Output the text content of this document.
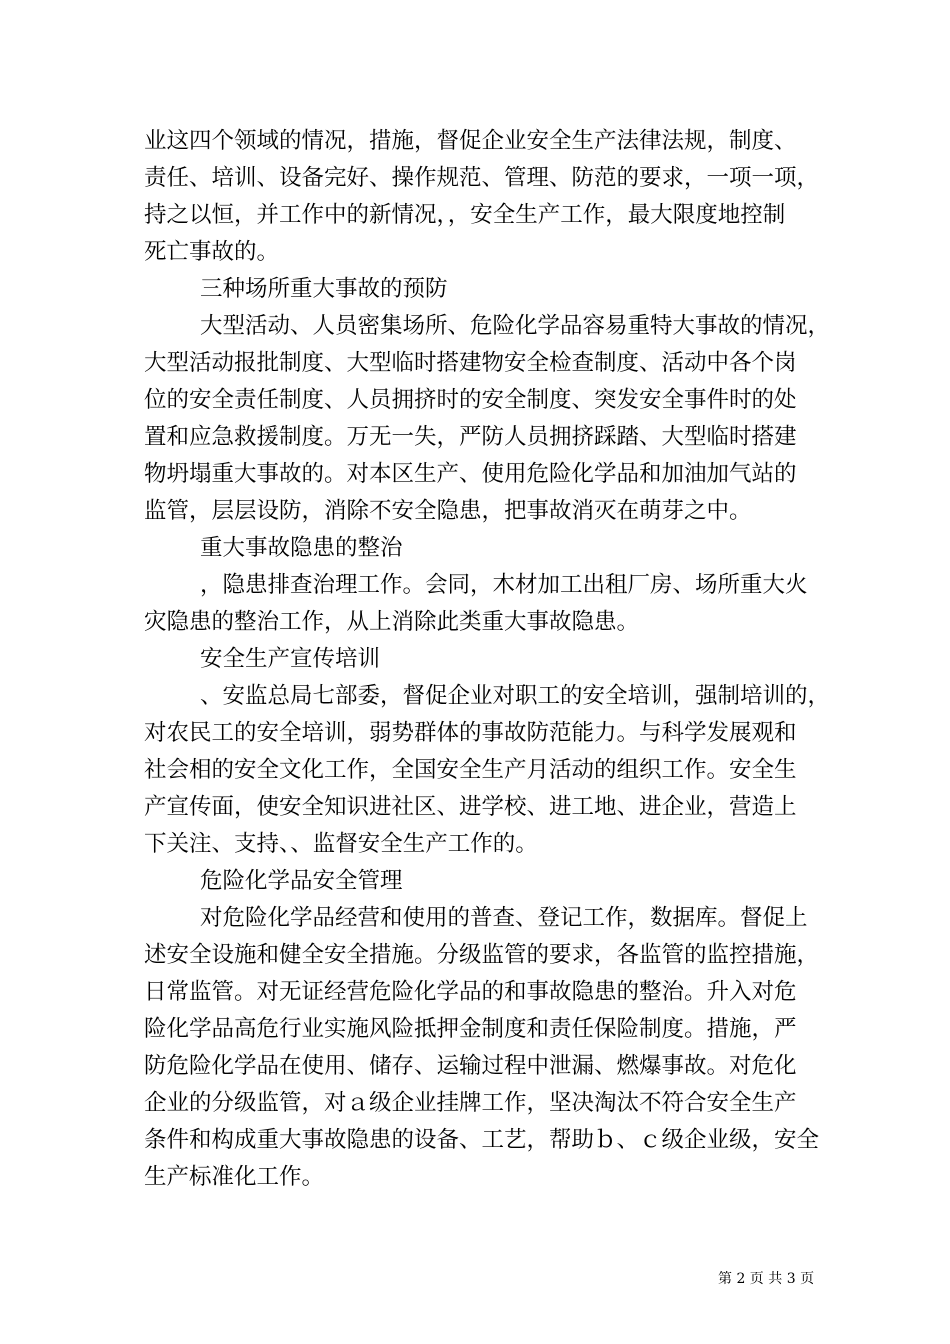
业这四个领域的情况，措施，督促企业安全生产法律法规，制度、

责任、培训、设备完好、操作规范、管理、防范的要求，一项一项，

持之以恒，并工作中的新情况，，安全生产工作，最大限度地控制

死亡事故的。

三种场所重大事故的预防

大型活动、人员密集场所、危险化学品容易重特大事故的情况，

大型活动报批制度、大型临时搭建物安全检查制度、活动中各个岗

位的安全责任制度、人员拥挤时的安全制度、突发安全事件时的处

置和应急救援制度。万无一失，严防人员拥挤踩踏、大型临时搭建

物坍塌重大事故的。对本区生产、使用危险化学品和加油加气站的

监管，层层设防，消除不安全隐患，把事故消灭在萌芽之中。

重大事故隐患的整治

，隐患排查治理工作。会同，木材加工出租厂房、场所重大火

灾隐患的整治工作，从上消除此类重大事故隐患。

安全生产宣传培训

、安监总局七部委，督促企业对职工的安全培训，强制培训的，

对农民工的安全培训，弱势群体的事故防范能力。与科学发展观和

社会相的安全文化工作，全国安全生产月活动的组织工作。安全生

产宣传面，使安全知识进社区、进学校、进工地、进企业，营造上

下关注、支持、、监督安全生产工作的。

危险化学品安全管理

对危险化学品经营和使用的普查、登记工作，数据库。督促上

述安全设施和健全安全措施。分级监管的要求，各监管的监控措施，

日常监管。对无证经营危险化学品的和事故隐患的整治。升入对危

险化学品高危行业实施风险抵押金制度和责任保险制度。措施，严

防危险化学品在使用、储存、运输过程中泄漏、燃爆事故。对危化

企业的分级监管，对ａ级企业挂牌工作，坚决淘汰不符合安全生产

条件和构成重大事故隐患的设备、工艺，帮助ｂ、ｃ级企业级，安全

生产标准化工作。

第 2 页 共 3 页
